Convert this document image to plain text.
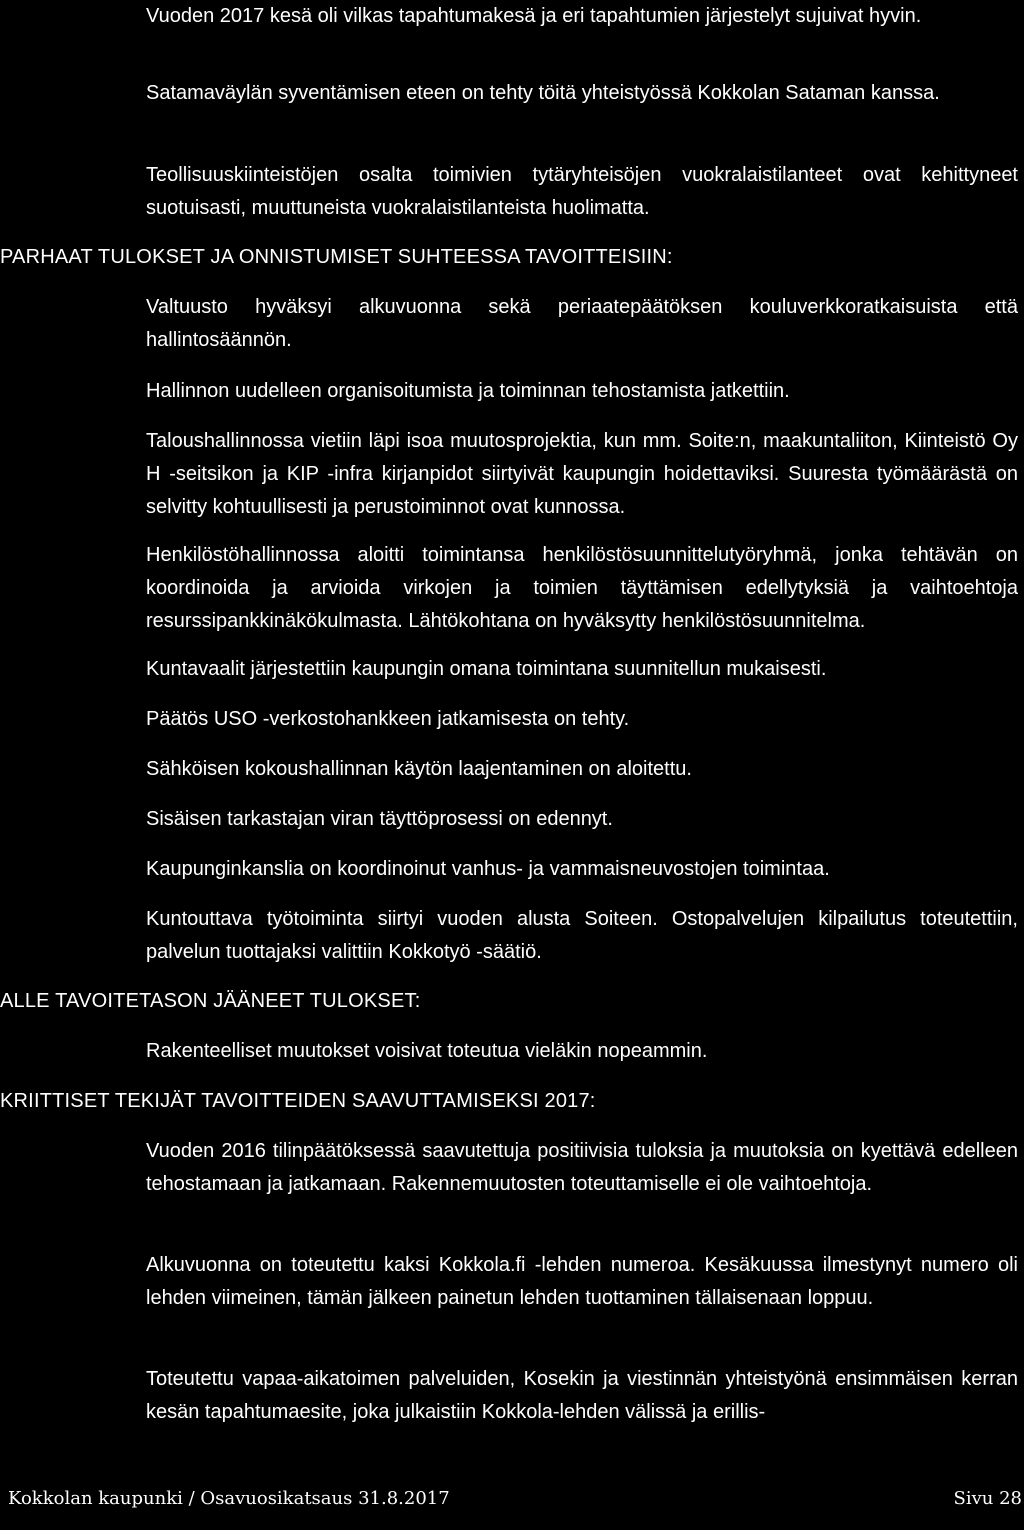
Vuoden 2017 kesä oli vilkas tapahtumakesä ja eri tapahtumien järjestelyt sujuivat hyvin.

Satamaväylän syventämisen eteen on tehty töitä yhteistyössä Kokkolan Sataman kanssa.

Teollisuuskiinteistöjen osalta toimivien tytäryhteisöjen vuokralaistilanteet ovat kehittyneet suotuisasti, muuttuneista vuokralaistilanteista huolimatta.

PARHAAT TULOKSET JA ONNISTUMISET SUHTEESSA TAVOITTEISIIN:

Valtuusto hyväksyi alkuvuonna sekä periaatepäätöksen kouluverkkoratkaisuista että hallintosäännön.

Hallinnon uudelleen organisoitumista ja toiminnan tehostamista jatkettiin.

Taloushallinnossa vietiin läpi isoa muutosprojektia, kun mm. Soite:n, maakuntaliiton, Kiinteistö Oy H -seitsikon ja KIP -infra kirjanpidot siirtyivät kaupungin hoidettaviksi. Suuresta työmäärästä on selvitty kohtuullisesti ja perustoiminnot ovat kunnossa.

Henkilöstöhallinnossa aloitti toimintansa henkilöstösuunnittelutyöryhmä, jonka tehtävän on koordinoida ja arvioida virkojen ja toimien täyttämisen edellytyksiä ja vaihtoehtoja resurssipankkinäkökulmasta. Lähtökohtana on hyväksytty henkilöstösuunnitelma.

Kuntavaalit järjestettiin kaupungin omana toimintana suunnitellun mukaisesti.

Päätös USO -verkostohankkeen jatkamisesta on tehty.

Sähköisen kokoushallinnan käytön laajentaminen on aloitettu.

Sisäisen tarkastajan viran täyttöprosessi on edennyt.

Kaupunginkanslia on koordinoinut vanhus- ja vammaisneuvostojen toimintaa.

Kuntouttava työtoiminta siirtyi vuoden alusta Soiteen. Ostopalvelujen kilpailutus toteutettiin, palvelun tuottajaksi valittiin Kokkotyö -säätiö.

ALLE TAVOITETASON JÄÄNEET TULOKSET:

Rakenteelliset muutokset voisivat toteutua vieläkin nopeammin.

KRIITTISET TEKIJÄT TAVOITTEIDEN SAAVUTTAMISEKSI 2017:

Vuoden 2016 tilinpäätöksessä saavutettuja positiivisia tuloksia ja muutoksia on kyettävä edelleen tehostamaan ja jatkamaan. Rakennemuutosten toteuttamiselle ei ole vaihtoehtoja.

Alkuvuonna on toteutettu kaksi Kokkola.fi -lehden numeroa. Kesäkuussa ilmestynyt numero oli lehden viimeinen, tämän jälkeen painetun lehden tuottaminen tällaisenaan loppuu.

Toteutettu vapaa-aikatoimen palveluiden, Kosekin ja viestinnän yhteistyönä ensimmäisen kerran kesän tapahtumaesite, joka julkaistiin Kokkola-lehden välissä ja erillis-

Kokkolan kaupunki / Osavuosikatsaus 31.8.2017	Sivu 28
